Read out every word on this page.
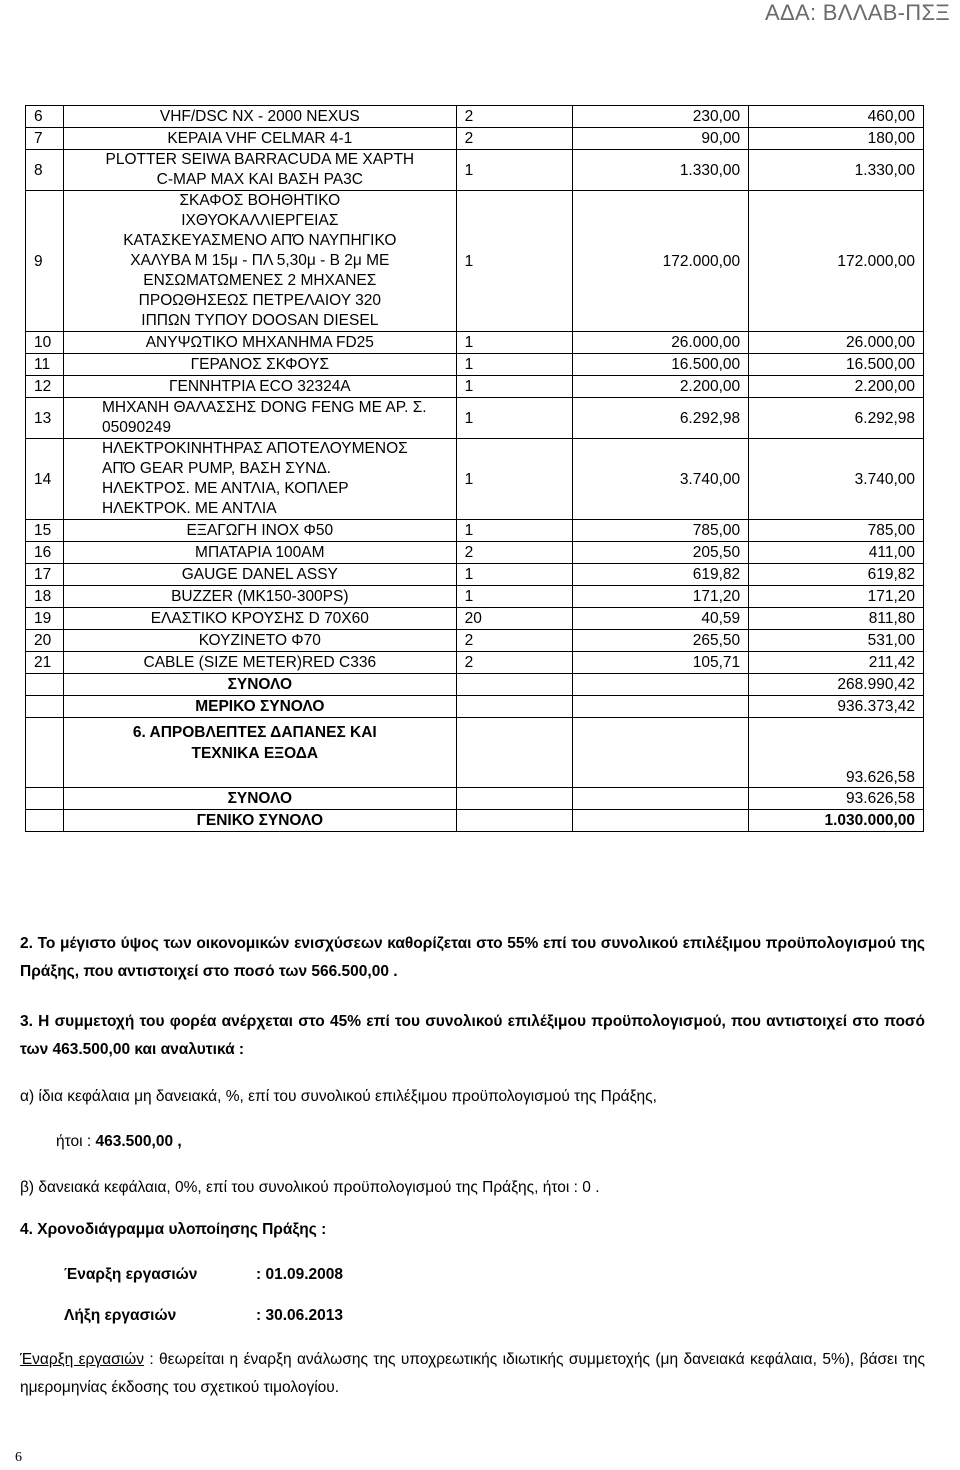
ΑΔΑ: ΒΛΛΑΒ-ΠΣΞ
6	VHF/DSC NX - 2000 NEXUS	2	230,00	460,00
7	ΚΕΡΑΙΑ VHF CELMAR 4-1	2	90,00	180,00
8	PLOTTER SEIWA BARRACUDA ΜΕ ΧΑΡΤΗ C-MAP MAX ΚΑΙ ΒΑΣΗ PA3C	1	1.330,00	1.330,00
9	ΣΚΑΦΟΣ ΒΟΗΘΗΤΙΚΟ ΙΧΘΥΟΚΑΛΛΙΕΡΓΕΙΑΣ ΚΑΤΑΣΚΕΥΑΣΜΕΝΟ ΑΠΌ ΝΑΥΠΗΓΙΚΟ ΧΑΛΥΒΑ Μ 15μ - ΠΛ 5,30μ - Β 2μ ΜΕ ΕΝΣΩΜΑΤΩΜΕΝΕΣ 2 ΜΗΧΑΝΕΣ ΠΡΟΩΘΗΣΕΩΣ ΠΕΤΡΕΛΑΙΟΥ 320 ΙΠΠΩΝ ΤΥΠΟΥ DOOSAN DIESEL	1	172.000,00	172.000,00
10	ΑΝΥΨΩΤΙΚΟ ΜΗΧΑΝΗΜΑ FD25	1	26.000,00	26.000,00
11	ΓΕΡΑΝΟΣ ΣΚΦΟΥΣ	1	16.500,00	16.500,00
12	ΓΕΝΝΗΤΡΙΑ ECO 32324A	1	2.200,00	2.200,00
13	ΜΗΧΑΝΗ ΘΑΛΑΣΣΗΣ DONG FENG ΜΕ ΑΡ. Σ. 05090249	1	6.292,98	6.292,98
14	ΗΛΕΚΤΡΟΚΙΝΗΤΗΡΑΣ ΑΠΟΤΕΛΟΥΜΕΝΟΣ ΑΠΌ GEAR PUMP, ΒΑΣΗ ΣΥΝΔ. ΗΛΕΚΤΡΟΣ. ΜΕ ΑΝΤΛΙΑ, ΚΟΠΛΕΡ ΗΛΕΚΤΡΟΚ. ΜΕ ΑΝΤΛΙΑ	1	3.740,00	3.740,00
15	ΕΞΑΓΩΓΗ INOX Φ50	1	785,00	785,00
16	ΜΠΑΤΑΡΙΑ 100ΑΜ	2	205,50	411,00
17	GAUGE DANEL ASSY	1	619,82	619,82
18	BUZZER (MK150-300PS)	1	171,20	171,20
19	ΕΛΑΣΤΙΚΟ ΚΡΟΥΣΗΣ D 70X60	20	40,59	811,80
20	ΚΟΥΖΙΝΕΤΟ Φ70	2	265,50	531,00
21	CABLE (SIZE METER)RED C336	2	105,71	211,42
	ΣΥΝΟΛΟ			268.990,42
	ΜΕΡΙΚΟ ΣΥΝΟΛΟ			936.373,42
	6. ΑΠΡΟΒΛΕΠΤΕΣ ΔΑΠΑΝΕΣ ΚΑΙ ΤΕΧΝΙΚΑ ΕΞΟΔΑ			93.626,58
	ΣΥΝΟΛΟ			93.626,58
	ΓΕΝΙΚΟ ΣΥΝΟΛΟ			1.030.000,00
2. Το μέγιστο ύψος των οικονομικών ενισχύσεων καθορίζεται στο 55% επί του συνολικού επιλέξιμου προϋπολογισμού της Πράξης, που αντιστοιχεί στο ποσό των 566.500,00 .
3. Η συμμετοχή του φορέα ανέρχεται στο 45% επί του συνολικού επιλέξιμου προϋπολογισμού, που αντιστοιχεί στο ποσό των 463.500,00 και αναλυτικά :
α) ίδια κεφάλαια μη δανειακά, %, επί του συνολικού επιλέξιμου προϋπολογισμού της Πράξης,
ήτοι : 463.500,00 ,
β) δανειακά κεφάλαια, 0%, επί του συνολικού προϋπολογισμού της Πράξης, ήτοι : 0 .
4. Χρονοδιάγραμμα υλοποίησης Πράξης :
Έναρξη εργασιών	: 01.09.2008
Λήξη εργασιών	: 30.06.2013
Έναρξη εργασιών : θεωρείται η έναρξη ανάλωσης της υποχρεωτικής ιδιωτικής συμμετοχής (μη δανειακά κεφάλαια, 5%), βάσει της ημερομηνίας έκδοσης του σχετικού τιμολογίου.
6
